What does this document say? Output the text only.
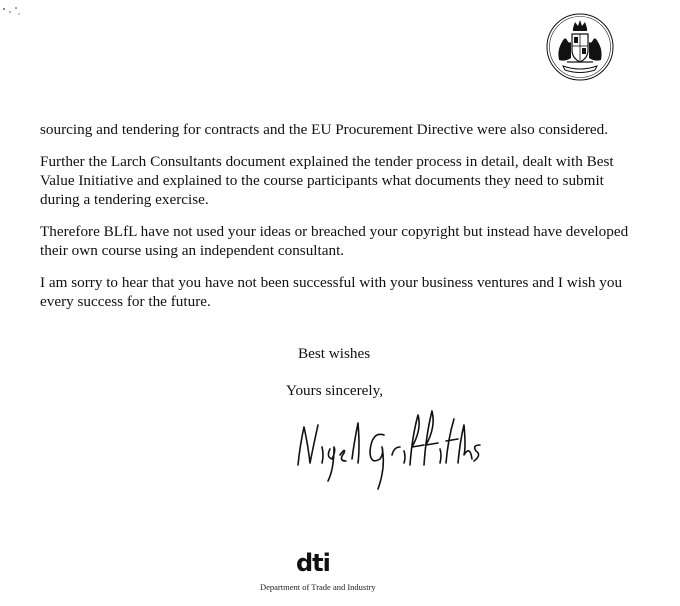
sourcing and tendering for contracts and the EU Procurement Directive were also considered.

Further the Larch Consultants document explained the tender process in detail, dealt with Best Value Initiative and explained to the course participants what documents they need to submit during a tendering exercise.

Therefore BLfL have not used your ideas or breached your copyright but instead have developed their own course using an independent consultant.

I am sorry to hear that you have not been successful with your business ventures and I wish you every success for the future.

Best wishes
Yours sincerely,
dti
Department of Trade and Industry
